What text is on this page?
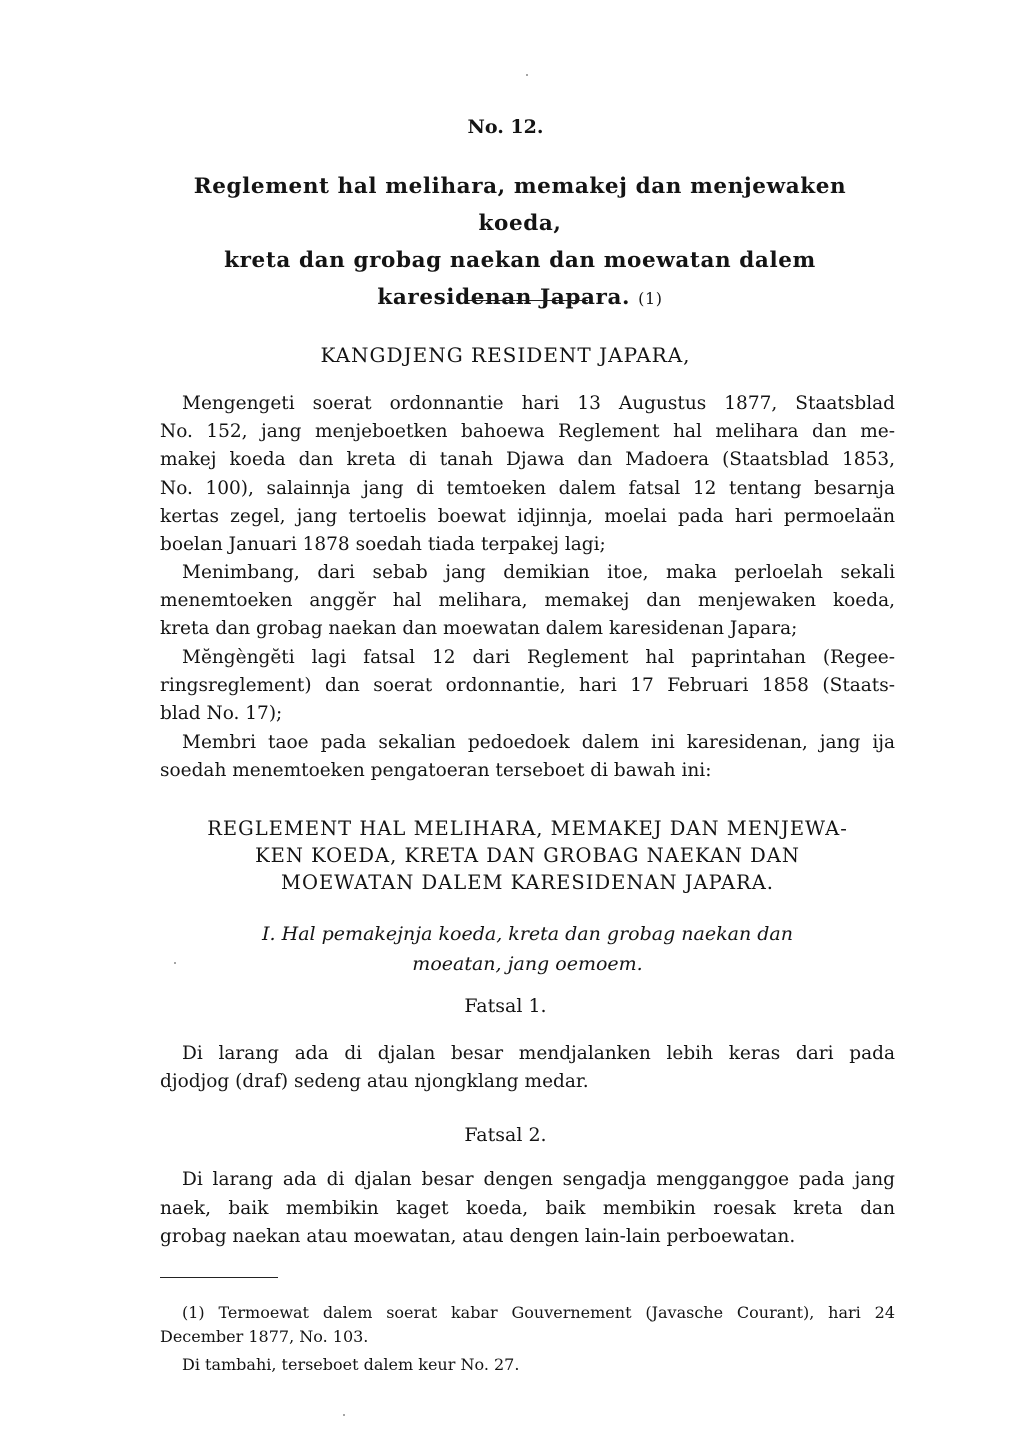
No. 12.
Reglement hal melihara, memakej dan menjewaken koeda,
kreta dan grobag naekan dan moewatan dalem
karesidenan Japara. (1)
KANGDJENG RESIDENT JAPARA,
Mengengeti soerat ordonnantie hari 13 Augustus 1877, Staatsblad
No. 152, jang menjeboetken bahoewa Reglement hal melihara dan me-
makej koeda dan kreta di tanah Djawa dan Madoera (Staatsblad 1853,
No. 100), salainnja jang di temtoeken dalem fatsal 12 tentang besarnja
kertas zegel, jang tertoelis boewat idjinnja, moelai pada hari permoelaän
boelan Januari 1878 soedah tiada terpakej lagi;
Menimbang, dari sebab jang demikian itoe, maka perloelah sekali
menemtoeken anggĕr hal melihara, memakej dan menjewaken koeda,
kreta dan grobag naekan dan moewatan dalem karesidenan Japara;
Mĕngèngĕti lagi fatsal 12 dari Reglement hal paprintahan (Regee-
ringsreglement) dan soerat ordonnantie, hari 17 Februari 1858 (Staats-
blad No. 17);
Membri taoe pada sekalian pedoedoek dalem ini karesidenan, jang ija
soedah menemtoeken pengatoeran terseboet di bawah ini:
REGLEMENT HAL MELIHARA, MEMAKEJ DAN MENJEWA-
KEN KOEDA, KRETA DAN GROBAG NAEKAN DAN
MOEWATAN DALEM KARESIDENAN JAPARA.
I. Hal pemakejnja koeda, kreta dan grobag naekan dan
moeatan, jang oemoem.
Fatsal 1.
Di larang ada di djalan besar mendjalanken lebih keras dari pada
djodjog (draf) sedeng atau njongklang medar.
Fatsal 2.
Di larang ada di djalan besar dengen sengadja mengganggoe pada jang
naek, baik membikin kaget koeda, baik membikin roesak kreta dan
grobag naekan atau moewatan, atau dengen lain-lain perboewatan.
(1) Termoewat dalem soerat kabar Gouvernement (Javasche Courant), hari 24
December 1877, No. 103.
Di tambahi, terseboet dalem keur No. 27.
